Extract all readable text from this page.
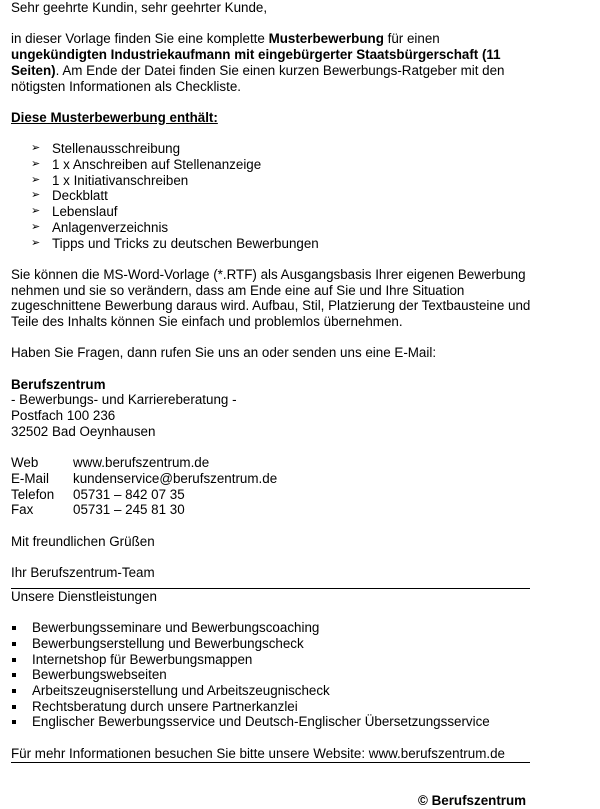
Sehr geehrte Kundin, sehr geehrter Kunde,

in dieser Vorlage finden Sie eine komplette Musterbewerbung für einen ungekündigten Industriekaufmann mit eingebürgerter Staatsbürgerschaft (11 Seiten). Am Ende der Datei finden Sie einen kurzen Bewerbungs-Ratgeber mit den nötigsten Informationen als Checkliste.

Diese Musterbewerbung enthält:

➢ Stellenausschreibung
➢ 1 x Anschreiben auf Stellenanzeige
➢ 1 x Initiativanschreiben
➢ Deckblatt
➢ Lebenslauf
➢ Anlagenverzeichnis
➢ Tipps und Tricks zu deutschen Bewerbungen

Sie können die MS-Word-Vorlage (*.RTF) als Ausgangsbasis Ihrer eigenen Bewerbung nehmen und sie so verändern, dass am Ende eine auf Sie und Ihre Situation zugeschnittene Bewerbung daraus wird. Aufbau, Stil, Platzierung der Textbausteine und Teile des Inhalts können Sie einfach und problemlos übernehmen.

Haben Sie Fragen, dann rufen Sie uns an oder senden uns eine E-Mail:

Berufszentrum

- Bewerbungs- und Karriereberatung -

Postfach 100 236

32502 Bad Oeynhausen

Web	www.berufszentrum.de
E-Mail	kundenservice@berufszentrum.de
Telefon	05731 – 842 07 35
Fax	05731 – 245 81 30

Mit freundlichen Grüßen

Ihr Berufszentrum-Team

Unsere Dienstleistungen

Bewerbungsseminare und Bewerbungscoaching
Bewerbungserstellung und Bewerbungscheck
Internetshop für Bewerbungsmappen
Bewerbungswebseiten
Arbeitszeugniserstellung und Arbeitszeugnischeck
Rechtsberatung durch unsere Partnerkanzlei
Englischer Bewerbungsservice und Deutsch-Englischer Übersetzungsservice

Für mehr Informationen besuchen Sie bitte unsere Website: www.berufszentrum.de

© Berufszentrum
